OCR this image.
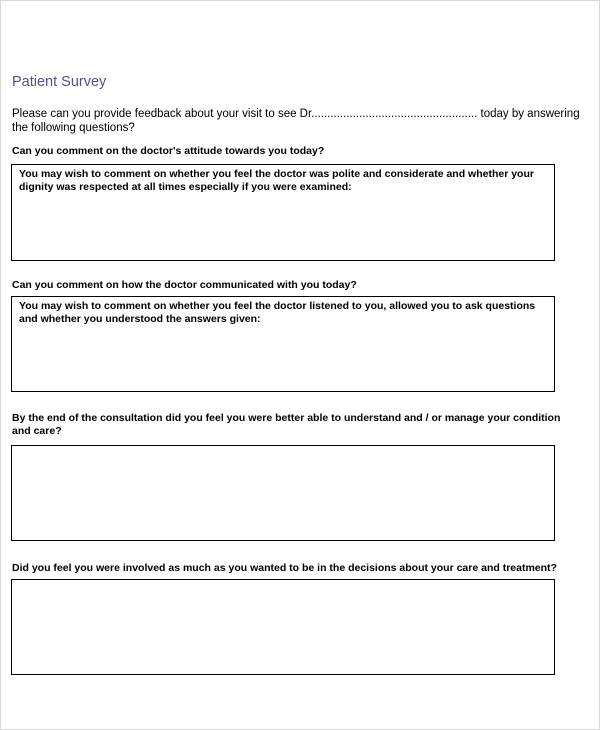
Patient Survey
Please can you provide feedback about your visit to see Dr.................................................... today by answering
the following questions?
Can you comment on the doctor's attitude towards you today?
You may wish to comment on whether you feel the doctor was polite and considerate and whether your
dignity was respected at all times especially if you were examined:
Can you comment on how the doctor communicated with you today?
You may wish to comment on whether you feel the doctor listened to you, allowed you to ask questions
and whether you understood the answers given:
By the end of the consultation did you feel you were better able to understand and / or manage your condition
and care?
Did you feel you were involved as much as you wanted to be in the decisions about your care and treatment?
